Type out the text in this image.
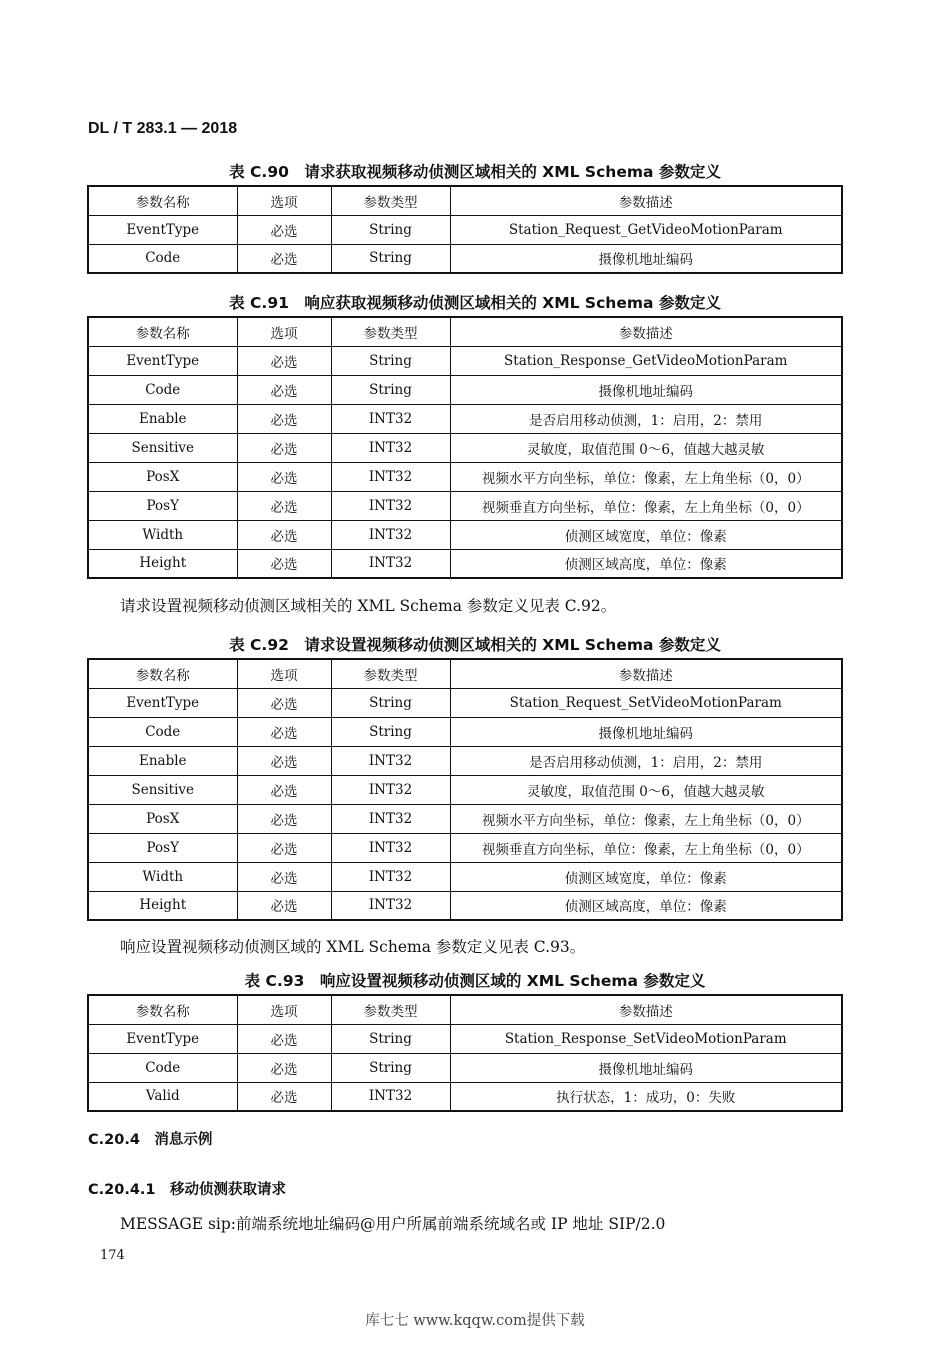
DL / T 283.1 — 2018
表 C.90　请求获取视频移动侦测区域相关的 XML Schema 参数定义
参数名称	选项	参数类型	参数描述
EventType	必选	String	Station_Request_GetVideoMotionParam
Code	必选	String	摄像机地址编码
表 C.91　响应获取视频移动侦测区域相关的 XML Schema 参数定义
参数名称	选项	参数类型	参数描述
EventType	必选	String	Station_Response_GetVideoMotionParam
Code	必选	String	摄像机地址编码
Enable	必选	INT32	是否启用移动侦测，1：启用，2：禁用
Sensitive	必选	INT32	灵敏度，取值范围 0～6，值越大越灵敏
PosX	必选	INT32	视频水平方向坐标，单位：像素，左上角坐标（0，0）
PosY	必选	INT32	视频垂直方向坐标，单位：像素，左上角坐标（0，0）
Width	必选	INT32	侦测区域宽度，单位：像素
Height	必选	INT32	侦测区域高度，单位：像素
请求设置视频移动侦测区域相关的 XML Schema 参数定义见表 C.92。
表 C.92　请求设置视频移动侦测区域相关的 XML Schema 参数定义
参数名称	选项	参数类型	参数描述
EventType	必选	String	Station_Request_SetVideoMotionParam
Code	必选	String	摄像机地址编码
Enable	必选	INT32	是否启用移动侦测，1：启用，2：禁用
Sensitive	必选	INT32	灵敏度，取值范围 0～6，值越大越灵敏
PosX	必选	INT32	视频水平方向坐标，单位：像素，左上角坐标（0，0）
PosY	必选	INT32	视频垂直方向坐标，单位：像素，左上角坐标（0，0）
Width	必选	INT32	侦测区域宽度，单位：像素
Height	必选	INT32	侦测区域高度，单位：像素
响应设置视频移动侦测区域的 XML Schema 参数定义见表 C.93。
表 C.93　响应设置视频移动侦测区域的 XML Schema 参数定义
参数名称	选项	参数类型	参数描述
EventType	必选	String	Station_Response_SetVideoMotionParam
Code	必选	String	摄像机地址编码
Valid	必选	INT32	执行状态，1：成功，0：失败
C.20.4　消息示例
C.20.4.1　移动侦测获取请求
MESSAGE sip:前端系统地址编码@用户所属前端系统域名或 IP 地址 SIP/2.0
174
库七七 www.kqqw.com提供下载
